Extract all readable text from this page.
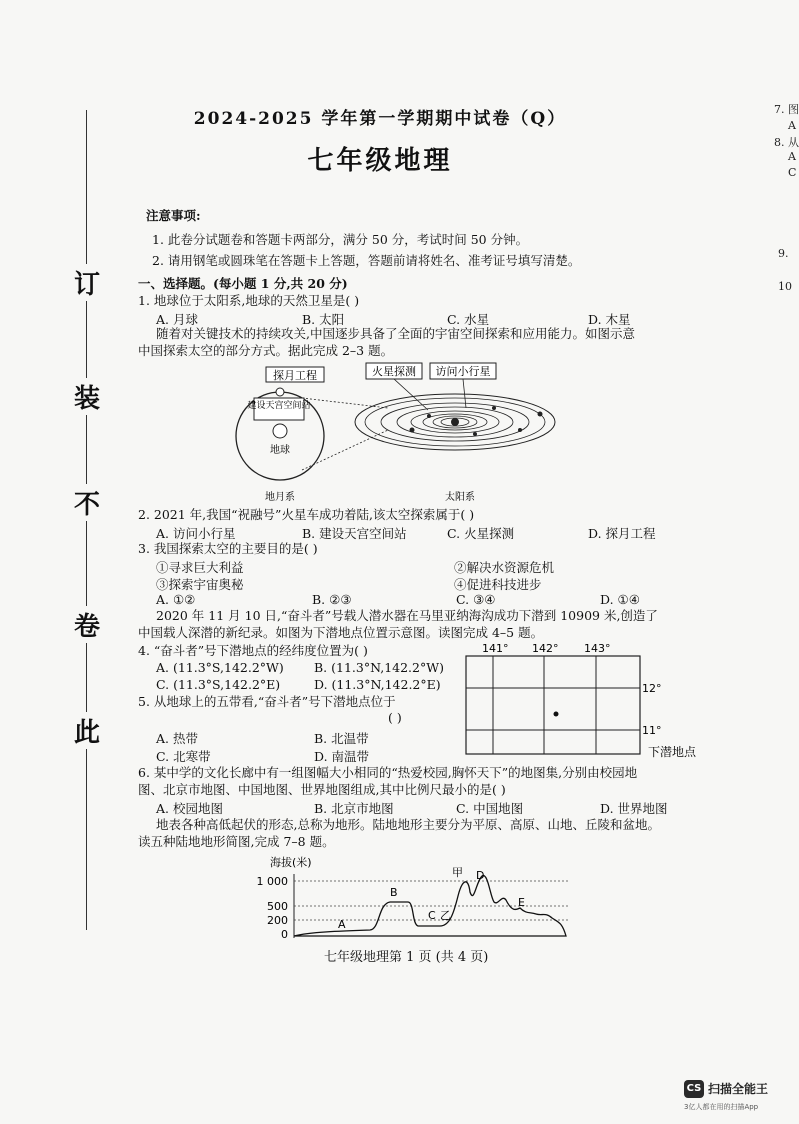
订
装
不
卷
此
7. 图
A
8. 从
A
C
9.
10
2024-2025 学年第一学期期中试卷（Q）
七年级地理
注意事项:
1. 此卷分试题卷和答题卡两部分，满分 50 分，考试时间 50 分钟。
2. 请用钢笔或圆珠笔在答题卡上答题，答题前请将姓名、准考证号填写清楚。
一、选择题。(每小题 1 分,共 20 分)
1. 地球位于太阳系,地球的天然卫星是( )
A. 月球	B. 太阳	C. 水星	D. 木星
随着对关键技术的持续攻关,中国逐步具备了全面的宇宙空间探索和应用能力。如图示意
中国探索太空的部分方式。据此完成 2–3 题。
探月工程
建设天宫空间站
地球
火星探测 访问小行星
地月系	太阳系
2. 2021 年,我国“祝融号”火星车成功着陆,该太空探索属于( )
A. 访问小行星	B. 建设天宫空间站	C. 火星探测	D. 探月工程
3. 我国探索太空的主要目的是( )
①寻求巨大利益	②解决水资源危机
③探索宇宙奥秘	④促进科技进步
A. ①②	B. ②③	C. ③④	D. ①④
2020 年 11 月 10 日,“奋斗者”号载人潜水器在马里亚纳海沟成功下潜到 10909 米,创造了
中国载人深潜的新纪录。如图为下潜地点位置示意图。读图完成 4–5 题。
4. “奋斗者”号下潜地点的经纬度位置为( )
A. (11.3°S,142.2°W) B. (11.3°N,142.2°W)
C. (11.3°S,142.2°E)	D. (11.3°N,142.2°E)
5. 从地球上的五带看,“奋斗者”号下潜地点位于
( )
A. 热带	B. 北温带
C. 北寒带	D. 南温带
141° 142° 143°
12°
11°
下潜地点
6. 某中学的文化长廊中有一组图幅大小相同的“热爱校园,胸怀天下”的地图集,分别由校园地
图、北京市地图、中国地图、世界地图组成,其中比例尺最小的是( )
A. 校园地图	B. 北京市地图	C. 中国地图	D. 世界地图
地表各种高低起伏的形态,总称为地形。陆地地形主要分为平原、高原、山地、丘陵和盆地。
读五种陆地地形简图,完成 7–8 题。
海拔(米)
1 000
500
200
0
A
B
C 乙
甲 D
E
七年级地理第 1 页 (共 4 页)
CS 扫描全能王
3亿人都在用的扫描App
